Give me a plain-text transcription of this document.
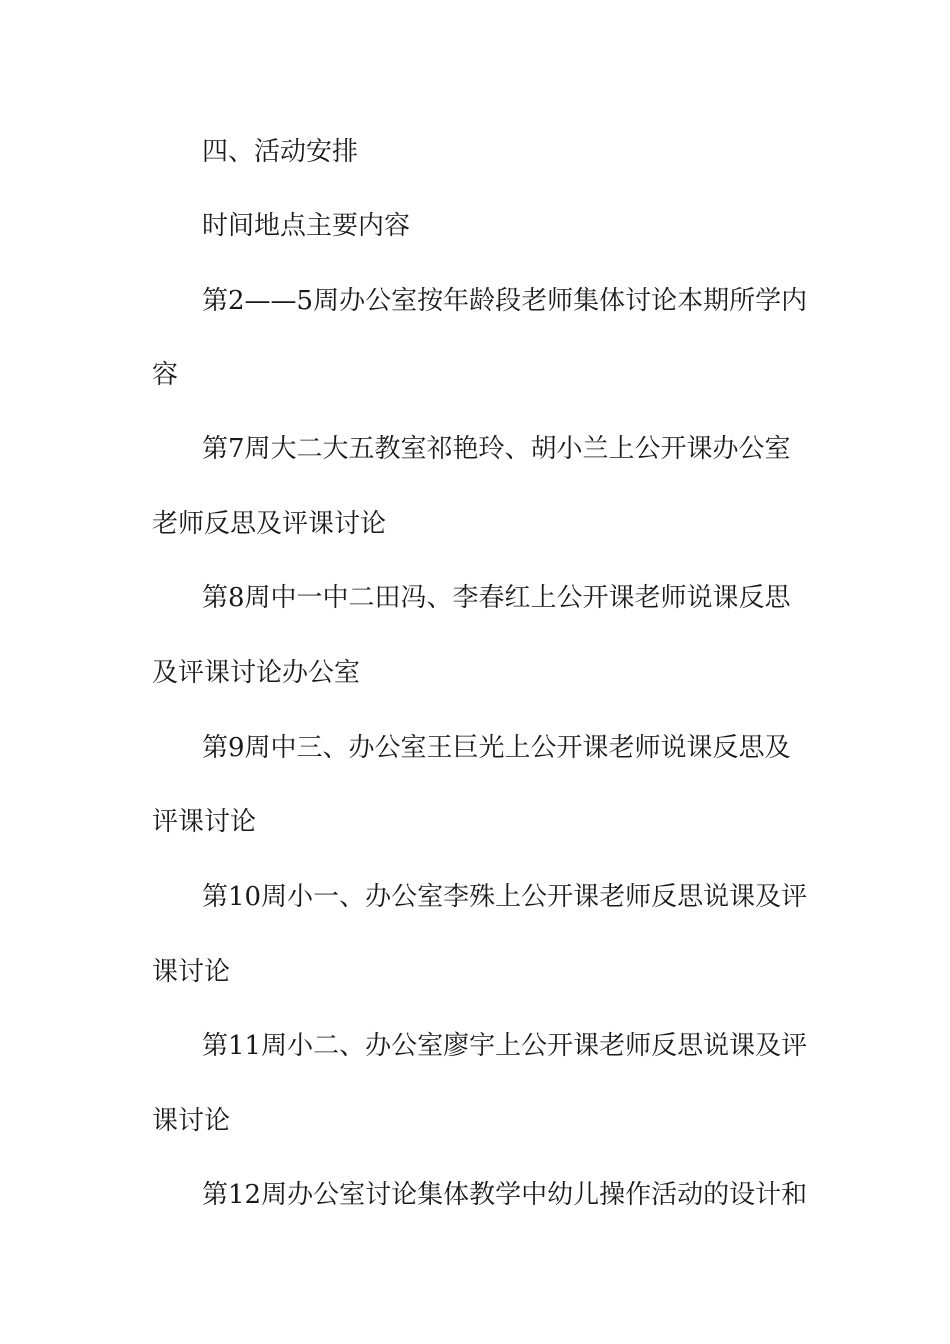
四、活动安排

时间地点主要内容

第2——5周办公室按年龄段老师集体讨论本期所学内

容

第7周大二大五教室祁艳玲、胡小兰上公开课办公室

老师反思及评课讨论

第8周中一中二田冯、李春红上公开课老师说课反思

及评课讨论办公室

第9周中三、办公室王巨光上公开课老师说课反思及

评课讨论

第10周小一、办公室李殊上公开课老师反思说课及评

课讨论

第11周小二、办公室廖宇上公开课老师反思说课及评

课讨论

第12周办公室讨论集体教学中幼儿操作活动的设计和
